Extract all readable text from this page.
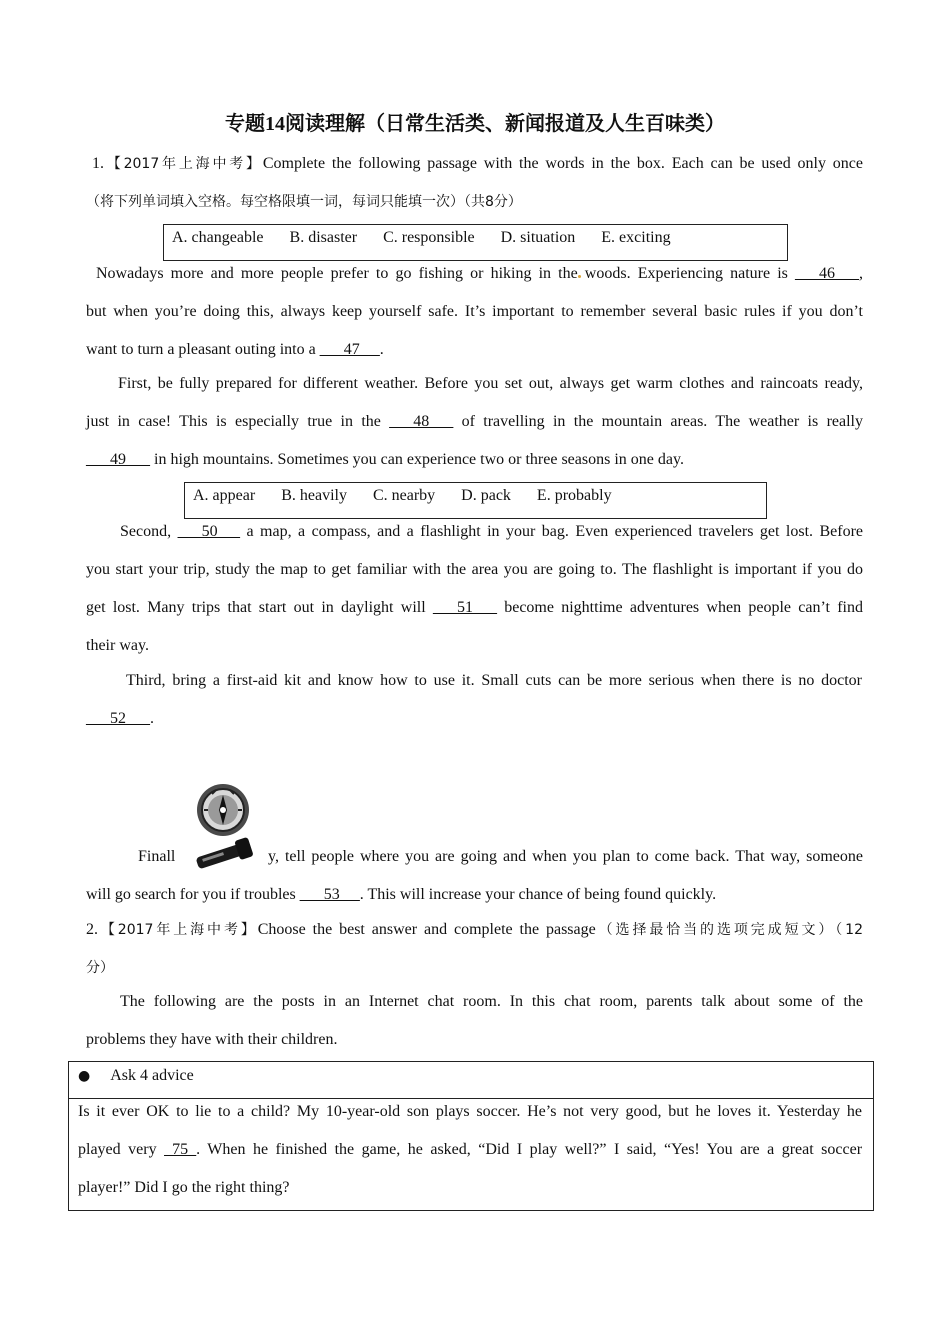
专题14阅读理解（日常生活类、新闻报道及人生百味类）
1.【2017年上海中考】Complete the following passage with the words in the box. Each can be used only once
（将下列单词填入空格。每空格限填一词，每词只能填一次）（共8分）
A. changeable B. disaster C. responsible D. situation E. exciting
Nowadays more and more people prefer to go fishing or hiking in the woods. Experiencing nature is ___46___,
but when you’re doing this, always keep yourself safe. It’s important to remember several basic rules if you don’t
want to turn a pleasant outing into a ___47_ _.
First, be fully prepared for different weather. Before you set out, always get warm clothes and raincoats ready,
just in case! This is especially true in the ___48___ of travelling in the mountain areas. The weather is really
___49___ in high mountains. Sometimes you can experience two or three seasons in one day.
A. appear B. heavily C. nearby D. pack E. probably
Second, ___50_ _ a map, a compass, and a flashlight in your bag. Even experienced travelers get lost. Before
you start your trip, study the map to get familiar with the area you are going to. The flashlight is important if you do
get lost. Many trips that start out in daylight will ___51___ become nighttime adventures when people can’t find
their way.
Third, bring a first-aid kit and know how to use it. Small cuts can be more serious when there is no doctor
___52___.
Finall	y, tell people where you are going and when you plan to come back. That way, someone
will go search for you if troubles ___53_ _. This will increase your chance of being found quickly.
2.【2017年上海中考】Choose the best answer and complete the passage（选择最恰当的选项完成短文）（12
分）
The following are the posts in an Internet chat room. In this chat room, parents talk about some of the
problems they have with their children.
● Ask 4 advice
Is it ever OK to lie to a child? My 10-year-old son plays soccer. He’s not very good, but he loves it. Yesterday he
played very _75_. When he finished the game, he asked, “Did I play well?” I said, “Yes! You are a great soccer
player!” Did I go the right thing?
